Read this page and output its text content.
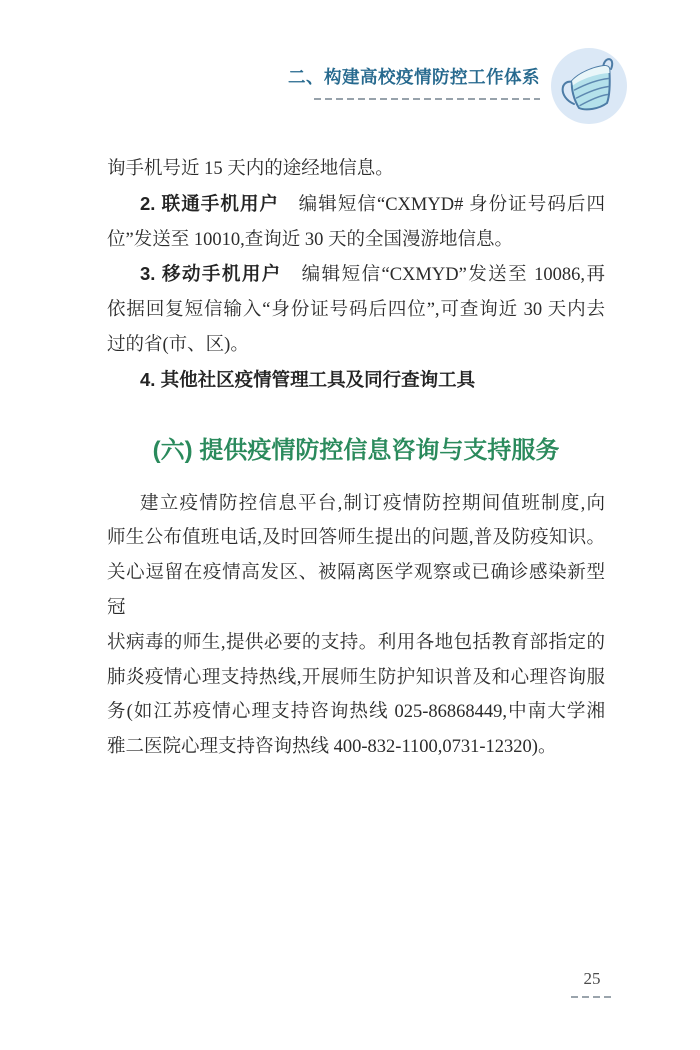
二、构建高校疫情防控工作体系
询手机号近 15 天内的途经地信息。
2. 联通手机用户　编辑短信“CXMYD# 身份证号码后四
位”发送至 10010,查询近 30 天的全国漫游地信息。
3. 移动手机用户　编辑短信“CXMYD”发送至 10086,再
依据回复短信输入“身份证号码后四位”,可查询近 30 天内去
过的省(市、区)。
4. 其他社区疫情管理工具及同行查询工具
(六) 提供疫情防控信息咨询与支持服务
建立疫情防控信息平台,制订疫情防控期间值班制度,向
师生公布值班电话,及时回答师生提出的问题,普及防疫知识。
关心逗留在疫情高发区、被隔离医学观察或已确诊感染新型冠
状病毒的师生,提供必要的支持。利用各地包括教育部指定的
肺炎疫情心理支持热线,开展师生防护知识普及和心理咨询服
务(如江苏疫情心理支持咨询热线 025-86868449,中南大学湘
雅二医院心理支持咨询热线 400-832-1100,0731-12320)。
25
